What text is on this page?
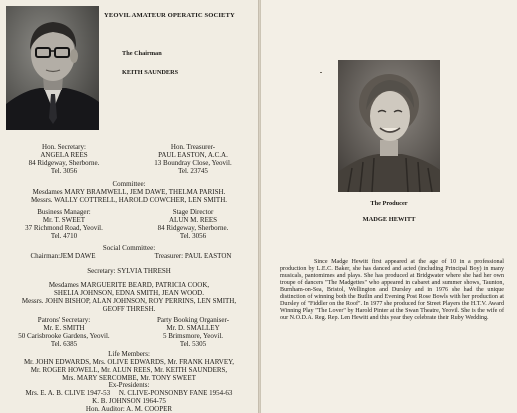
YEOVIL AMATEUR OPERATIC SOCIETY
The Chairman
KEITH SAUNDERS
Hon. Secretary:
ANGELA REES
84 Ridgeway, Sherborne.
Tel. 3056
Hon. Treasurer-
PAUL EASTON, A.C.A.
13 Boundray Close, Yeovil.
Tel. 23745
Committee:
Mesdames MARY BRAMWELL, JEM DAWE, THELMA PARISH.
Messrs. WALLY COTTRELL, HAROLD COWCHER, LEN SMITH.
Business Manager:
Mr. T. SWEET
37 Richmond Road, Yeovil.
Tel. 4710
Stage Director
ALUN M. REES
84 Ridgeway, Sherborne.
Tel. 3056
Social Committee:
Chairman:JEM DAWE	Treasurer: PAUL EASTON
Secretary: SYLVIA THRESH
Mesdames MARGUERITE BEARD, PATRICIA COOK,
SHELIA JOHNSON, EDNA SMITH, JEAN WOOD.
Messrs. JOHN BISHOP, ALAN JOHNSON, ROY PERRINS, LEN SMITH,
GEOFF THRESH.
Patrons' Secretary:
Mr. E. SMITH
50 Carisbrooke Gardens, Yeovil.
Tel. 6385
Party Booking Organiser-
Mr. D. SMALLEY
5 Brimsmore, Yeovil.
Tel. 5305
Life Members:
Mr. JOHN EDWARDS, Mrs. OLIVE EDWARDS, Mr. FRANK HARVEY,
Mr. ROGER HOWELL, Mr. ALUN REES, Mr. KEITH SAUNDERS,
Mrs. MARY SERCOMBE, Mr. TONY SWEET
Ex-Presidents:
Mrs. E. A. B. CLIVE 1947-53     N. CLIVE-PONSONBY FANE 1954-63
K. B. JOHNSON 1964-75
Hon. Auditor: A. M. COOPER
The Producer
MADGE HEWITT

Since Madge Hewitt first appeared at the age of 10 in a professional production by L.E.C. Baker, she has danced and acted (including Principal Boy) in many musicals, pantomimes and plays. She has produced at Bridgwater where she had her own troupe of dancers "The Madgettes" who appeared in cabaret and summer shows, Taunton, Burnham-on-Sea, Bristol, Wellington and Dursley and in 1976 she had the unique distinction of winning both the Butlin and Evening Post Rose Bowls with her production at Dursley of "Fiddler on the Roof". In 1977 she produced for Street Players the H.T.V. Award Winning Play "The Lover" by Harold Pinter at the Swan Theatre, Yeovil. She is the wife of our N.O.D.A. Reg. Rep. Len Hewitt and this year they celebrate their Ruby Wedding.
